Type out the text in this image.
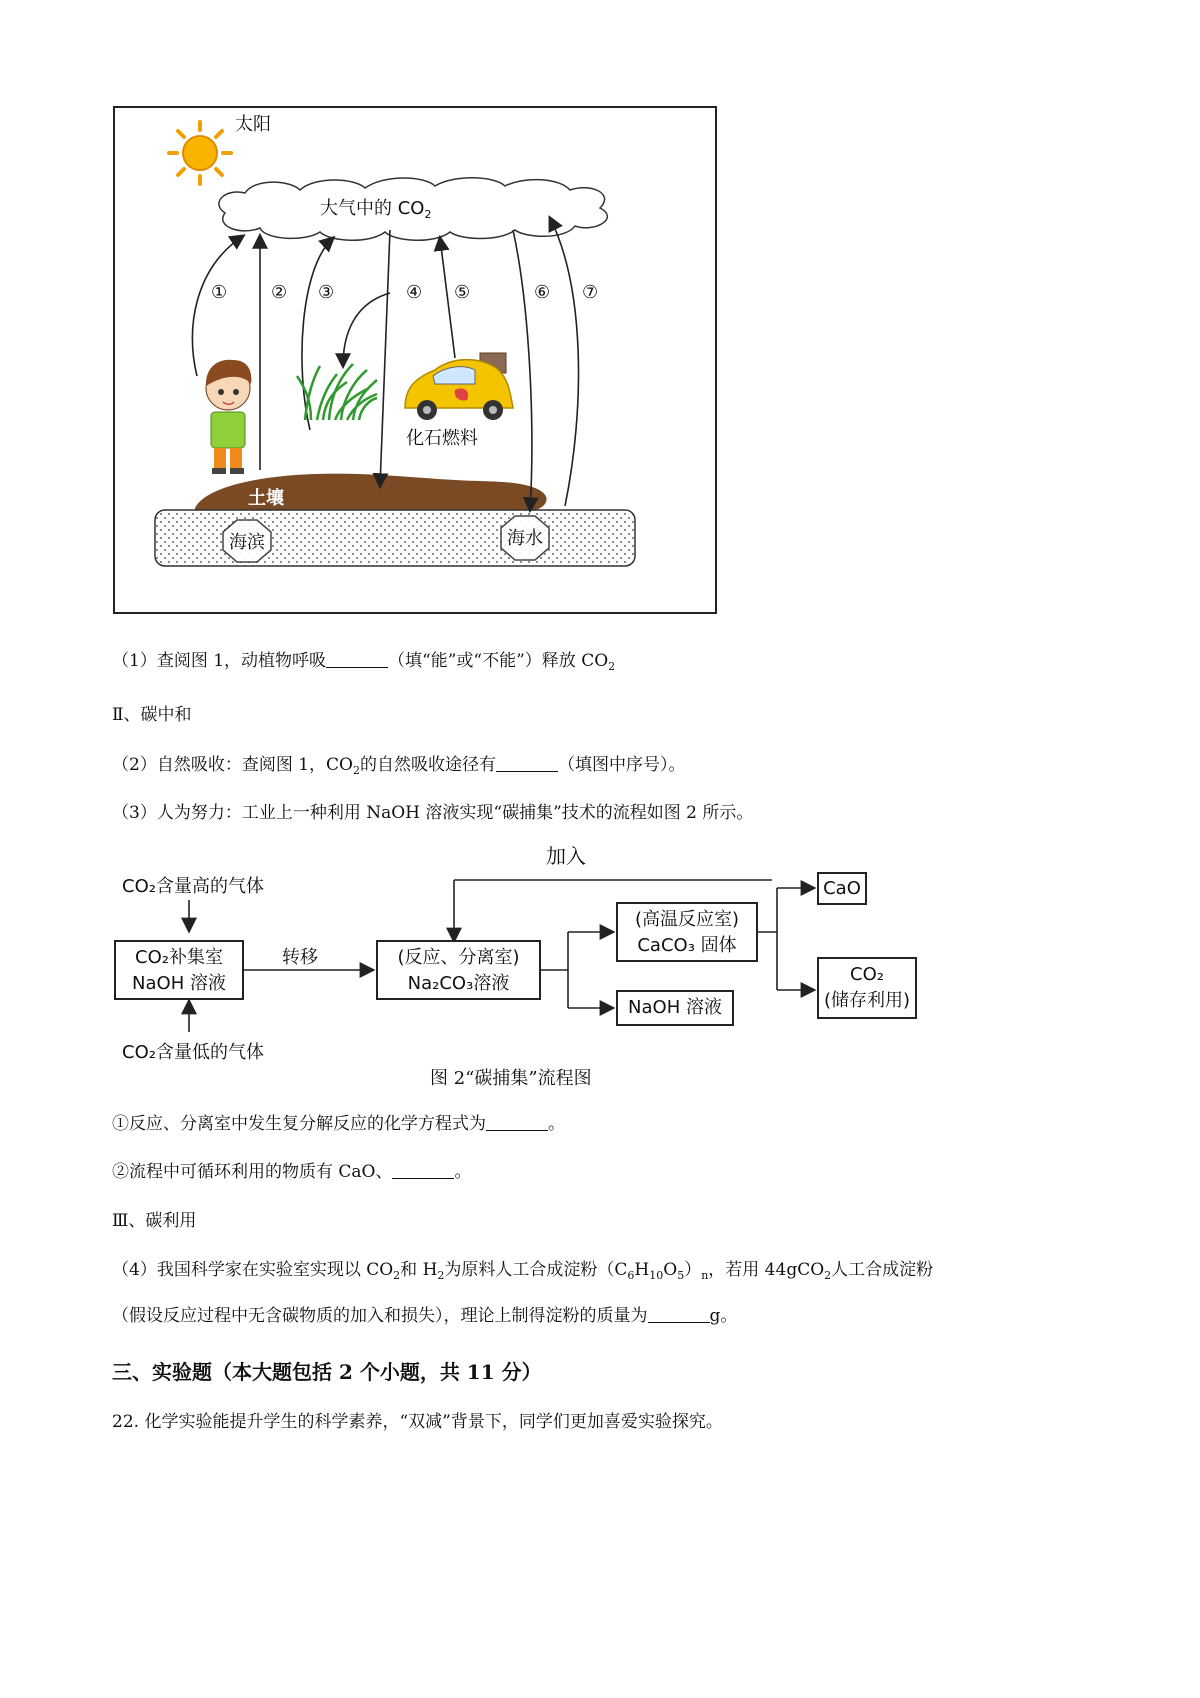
太阳
大气中的 $CO_2$
① ② ③	④ ⑤	⑥ ⑦
化石燃料
土壤
海滨	海水
（1）查阅图 1，动植物呼吸	（填“能”或“不能”）释放 $CO_2$
Ⅱ、碳中和
（2）自然吸收：查阅图 1，$CO_2$的自然吸收途径有	（填图中序号）。
（3）人为努力：工业上一种利用 NaOH 溶液实现“碳捕集”技术的流程如图 2 所示。
加入
CO₂含量高的气体
CO₂含量低的气体
转移
CO₂补集室
NaOH 溶液
(反应、分离室)
Na₂CO₃溶液
(高温反应室)
CaCO₃ 固体
CaO
CO₂
(储存利用)
NaOH 溶液
图 2“碳捕集”流程图
①反应、分离室中发生复分解反应的化学方程式为	。
②流程中可循环利用的物质有 CaO、	。
Ⅲ、碳利用
（4）我国科学家在实验室实现以 $CO_2$和 $H_2$为原料人工合成淀粉$(C_6H_{10}O_5)_n$，若用 44gCO$_2$人工合成淀粉
（假设反应过程中无含碳物质的加入和损失），理论上制得淀粉的质量为	g。
三、实验题（本大题包括 2 个小题，共 11 分）
22. 化学实验能提升学生的科学素养，“双减”背景下，同学们更加喜爱实验探究。
